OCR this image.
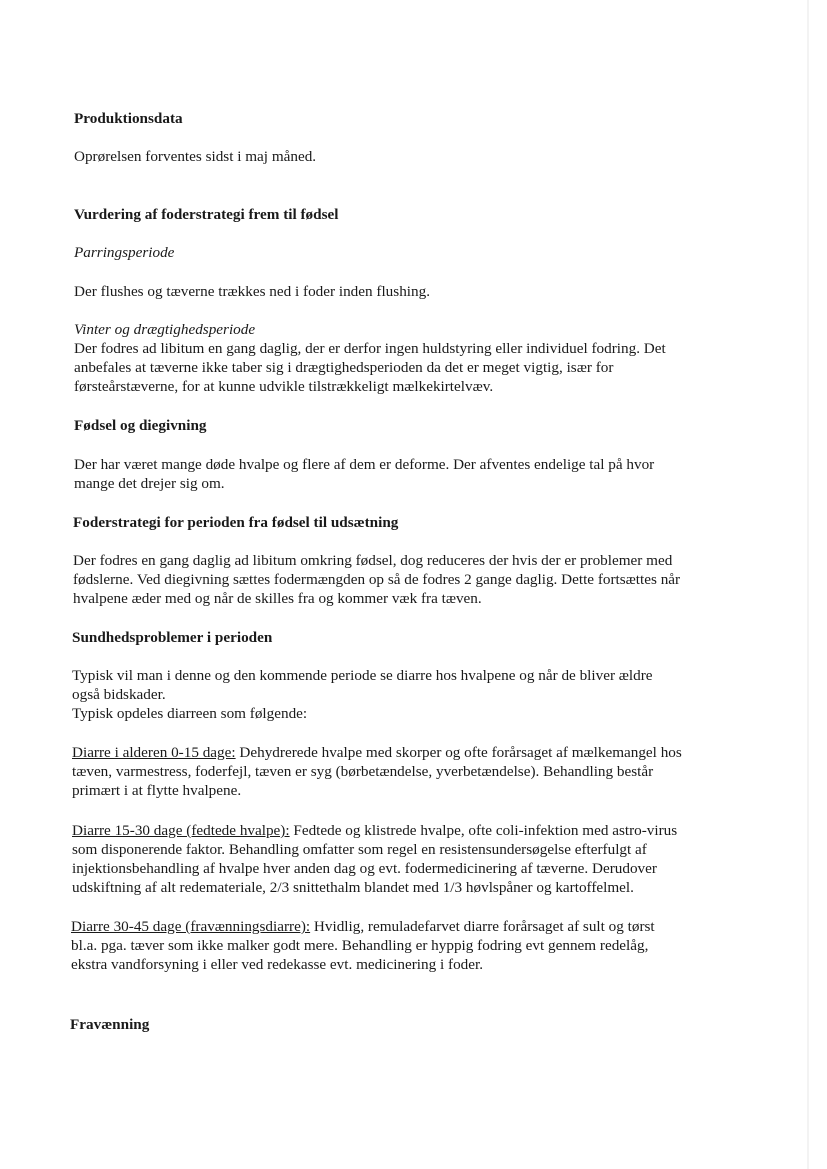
Produktionsdata
Oprørelsen forventes sidst i maj måned.
Vurdering af foderstrategi frem til fødsel
Parringsperiode
Der flushes og tæverne trækkes ned i foder inden flushing.
Vinter og drægtighedsperiode
Der fodres ad libitum en gang daglig, der er derfor ingen huldstyring eller individuel fodring. Det
anbefales at tæverne ikke taber sig i drægtighedsperioden da det er meget vigtig, især for
førsteårstæverne, for at kunne udvikle tilstrækkeligt mælkekirtelvæv.
Fødsel og diegivning
Der har været mange døde hvalpe og flere af dem er deforme. Der afventes endelige tal på hvor
mange det drejer sig om.
Foderstrategi for perioden fra fødsel til udsætning
Der fodres en gang daglig ad libitum omkring fødsel, dog reduceres der hvis der er problemer med
fødslerne. Ved diegivning sættes fodermængden op så de fodres 2 gange daglig. Dette fortsættes når
hvalpene æder med og når de skilles fra og kommer væk fra tæven.
Sundhedsproblemer i perioden
Typisk vil man i denne og den kommende periode se diarre hos hvalpene og når de bliver ældre
også bidskader.
Typisk opdeles diarreen som følgende:
Diarre i alderen 0-15 dage: Dehydrerede hvalpe med skorper og ofte forårsaget af mælkemangel hos
tæven, varmestress, foderfejl, tæven er syg (børbetændelse, yverbetændelse). Behandling består
primært i at flytte hvalpene.
Diarre 15-30 dage (fedtede hvalpe): Fedtede og klistrede hvalpe, ofte coli-infektion med astro-virus
som disponerende faktor. Behandling omfatter som regel en resistensundersøgelse efterfulgt af
injektionsbehandling af hvalpe hver anden dag og evt. fodermedicinering af tæverne. Derudover
udskiftning af alt redemateriale, 2/3 snittethalm blandet med 1/3 høvlspåner og kartoffelmel.
Diarre 30-45 dage (fravænningsdiarre): Hvidlig, remuladefarvet diarre forårsaget af sult og tørst
bl.a. pga. tæver som ikke malker godt mere. Behandling er hyppig fodring evt gennem redelåg,
ekstra vandforsyning i eller ved redekasse evt. medicinering i foder.
Fravænning
